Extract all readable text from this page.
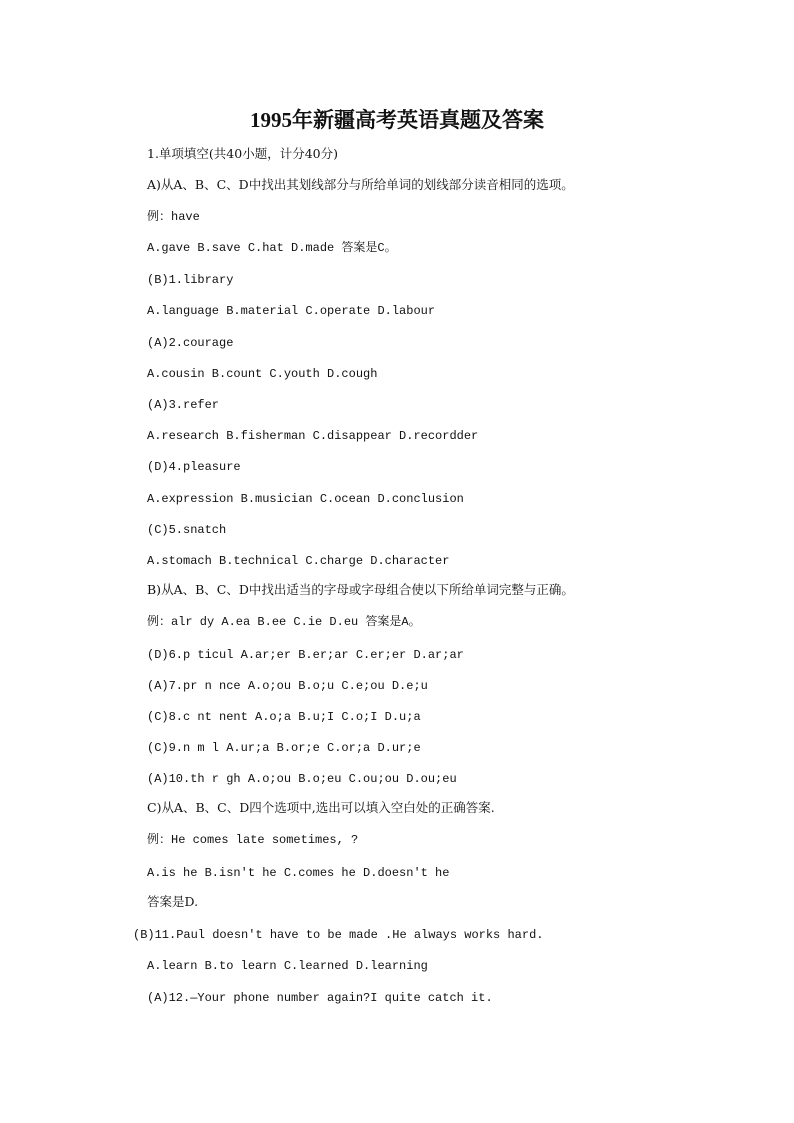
1995年新疆高考英语真题及答案
1.单项填空(共40小题，计分40分)
A)从A、B、C、D中找出其划线部分与所给单词的划线部分读音相同的选项。
例：have
A.gave B.save C.hat D.made 答案是C。
(B)1.library
A.language B.material C.operate D.labour
(A)2.courage
A.cousin B.count C.youth D.cough
(A)3.refer
A.research B.fisherman C.disappear D.recordder
(D)4.pleasure
A.expression B.musician C.ocean D.conclusion
(C)5.snatch
A.stomach B.technical C.charge D.character
B)从A、B、C、D中找出适当的字母或字母组合使以下所给单词完整与正确。
例：alr dy A.ea B.ee C.ie D.eu 答案是A。
(D)6.p ticul A.ar;er B.er;ar C.er;er D.ar;ar
(A)7.pr n nce A.o;ou B.o;u C.e;ou D.e;u
(C)8.c nt nent A.o;a B.u;I C.o;I D.u;a
(C)9.n m l A.ur;a B.or;e C.or;a D.ur;e
(A)10.th r gh A.o;ou B.o;eu C.ou;ou D.ou;eu
C)从A、B、C、D四个选项中,选出可以填入空白处的正确答案.
例：He comes late sometimes, ?
A.is he B.isn't he C.comes he D.doesn't he
答案是D.
(B)11.Paul doesn't have to be made .He always works hard.
A.learn B.to learn C.learned D.learning
(A)12.—Your phone number again?I quite catch it.
